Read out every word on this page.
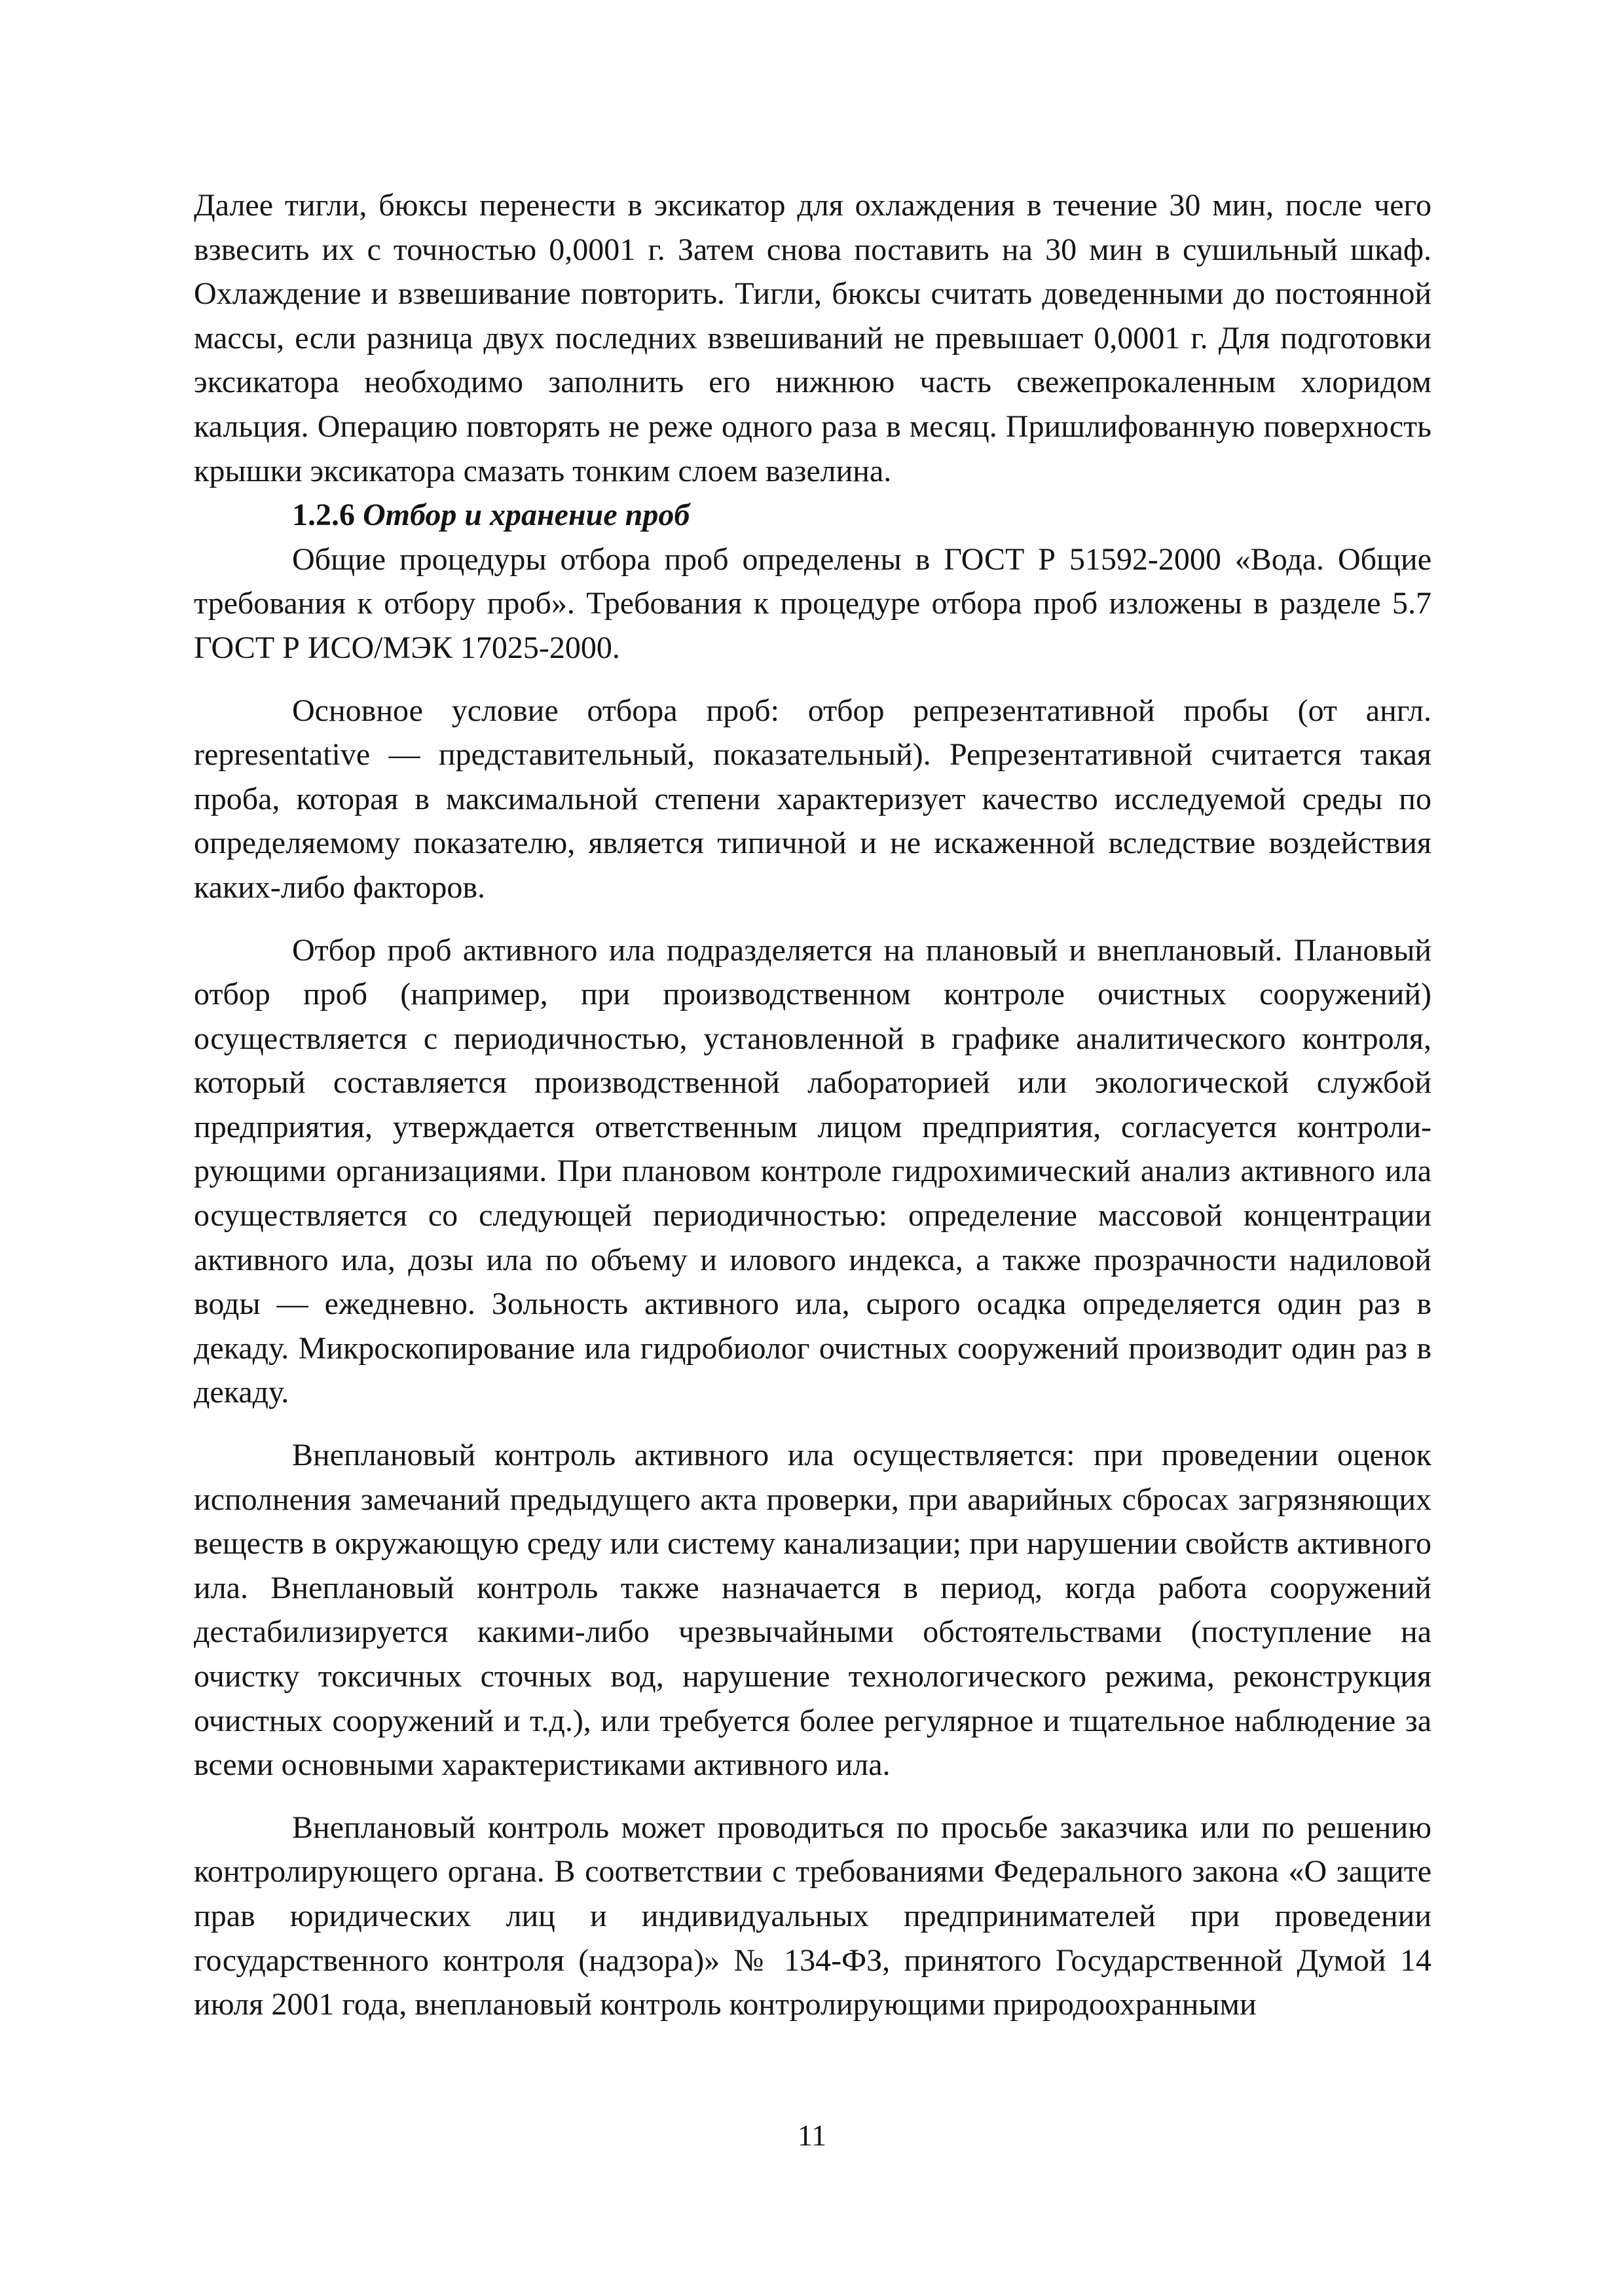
Далее тигли, бюксы перенести в эксикатор для охлаждения в течение 30 мин, после чего взвесить их с точностью 0,0001 г. Затем снова поставить на 30 мин в сушильный шкаф. Охлаждение и взвешивание повторить. Тигли, бюксы считать доведенными до постоянной массы, если разница двух последних взвешиваний не превышает 0,0001 г. Для подготовки эксикатора необходимо заполнить его нижнюю часть свежепрокаленным хлоридом кальция. Операцию повторять не реже одного раза в месяц. Пришлифованную поверхность крышки эксикатора смазать тонким слоем вазелина.

1.2.6 Отбор и хранение проб

Общие процедуры отбора проб определены в ГОСТ Р 51592-2000 «Вода. Общие требования к отбору проб». Требования к процедуре отбора проб изложены в разделе 5.7 ГОСТ Р ИСО/МЭК 17025-2000.

Основное условие отбора проб: отбор репрезентативной пробы (от англ. representative — представительный, показательный). Репрезентативной считается такая проба, которая в максимальной степени характеризует качество исследуемой среды по определяемому показателю, является типичной и не искаженной вследствие воздействия каких-либо факторов.

Отбор проб активного ила подразделяется на плановый и внеплановый. Плановый отбор проб (например, при производственном контроле очистных сооружений) осуществляется с периодичностью, установленной в графике аналитического контроля, который составляется производственной лабораторией или экологической службой предприятия, утверждается ответственным лицом предприятия, согласуется контролирующими организациями. При плановом контроле гидрохимический анализ активного ила осуществляется со следующей периодичностью: определение массовой концентрации активного ила, дозы ила по объему и илового индекса, а также прозрачности надиловой воды — ежедневно. Зольность активного ила, сырого осадка определяется один раз в декаду. Микроскопирование ила гидробиолог очистных сооружений производит один раз в декаду.

Внеплановый контроль активного ила осуществляется: при проведении оценок исполнения замечаний предыдущего акта проверки, при аварийных сбросах загрязняющих веществ в окружающую среду или систему канализации; при нарушении свойств активного ила. Внеплановый контроль также назначается в период, когда работа сооружений дестабилизируется какими-либо чрезвычайными обстоятельствами (поступление на очистку токсичных сточных вод, нарушение технологического режима, реконструкция очистных сооружений и т.д.), или требуется более регулярное и тщательное наблюдение за всеми основными характеристиками активного ила.

Внеплановый контроль может проводиться по просьбе заказчика или по решению контролирующего органа. В соответствии с требованиями Федерального закона «О защите прав юридических лиц и индивидуальных предпринимателей при проведении государственного контроля (надзора)» № 134-ФЗ, принятого Государственной Думой 14 июля 2001 года, внеплановый контроль контролирующими природоохранными

11
